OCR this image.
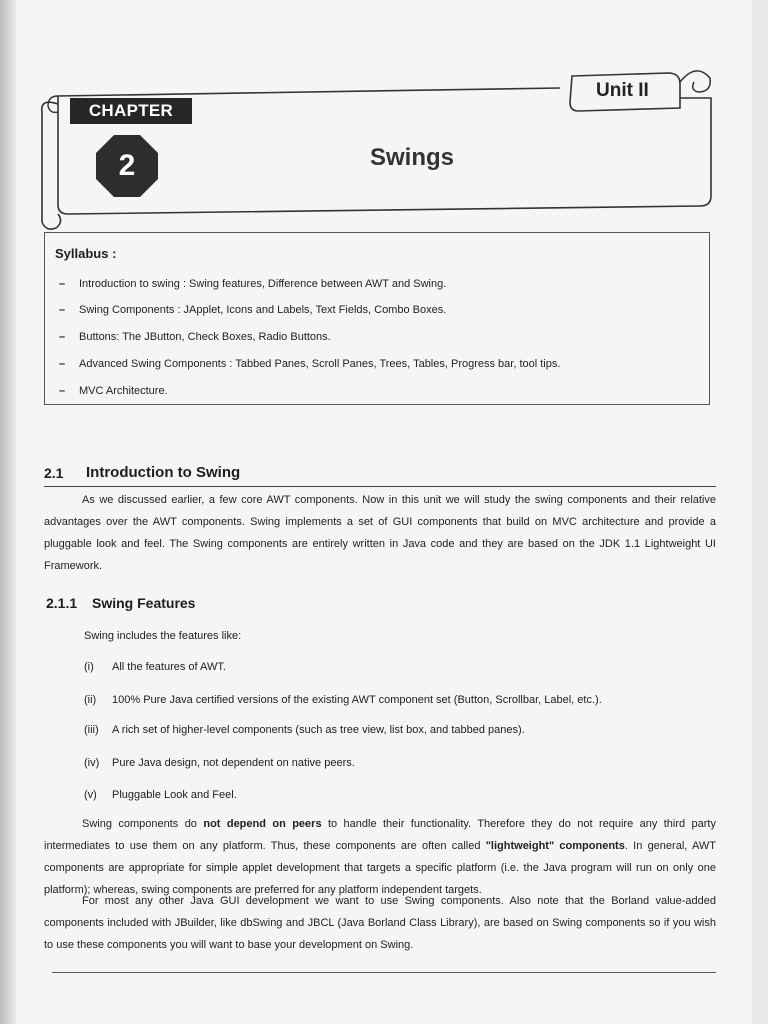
Unit II
CHAPTER
2	Swings
Syllabus :
– Introduction to swing : Swing features, Difference between AWT and Swing.
– Swing Components : JApplet, Icons and Labels, Text Fields, Combo Boxes.
– Buttons: The JButton, Check Boxes, Radio Buttons.
– Advanced Swing Components : Tabbed Panes, Scroll Panes, Trees, Tables, Progress bar, tool tips.
– MVC Architecture.
2.1 Introduction to Swing
As we discussed earlier, a few core AWT components. Now in this unit we will study the swing components and their relative advantages over the AWT components. Swing implements a set of GUI components that build on MVC architecture and provide a pluggable look and feel. The Swing components are entirely written in Java code and they are based on the JDK 1.1 Lightweight UI Framework.
2.1.1 Swing Features
Swing includes the features like:
(i) All the features of AWT.
(ii) 100% Pure Java certified versions of the existing AWT component set (Button, Scrollbar, Label, etc.).
(iii) A rich set of higher-level components (such as tree view, list box, and tabbed panes).
(iv) Pure Java design, not dependent on native peers.
(v) Pluggable Look and Feel.
Swing components do not depend on peers to handle their functionality. Therefore they do not require any third party intermediates to use them on any platform. Thus, these components are often called "lightweight" components. In general, AWT components are appropriate for simple applet development that targets a specific platform (i.e. the Java program will run on only one platform); whereas, swing components are preferred for any platform independent targets.
For most any other Java GUI development we want to use Swing components. Also note that the Borland value-added components included with JBuilder, like dbSwing and JBCL (Java Borland Class Library), are based on Swing components so if you wish to use these components you will want to base your development on Swing.
